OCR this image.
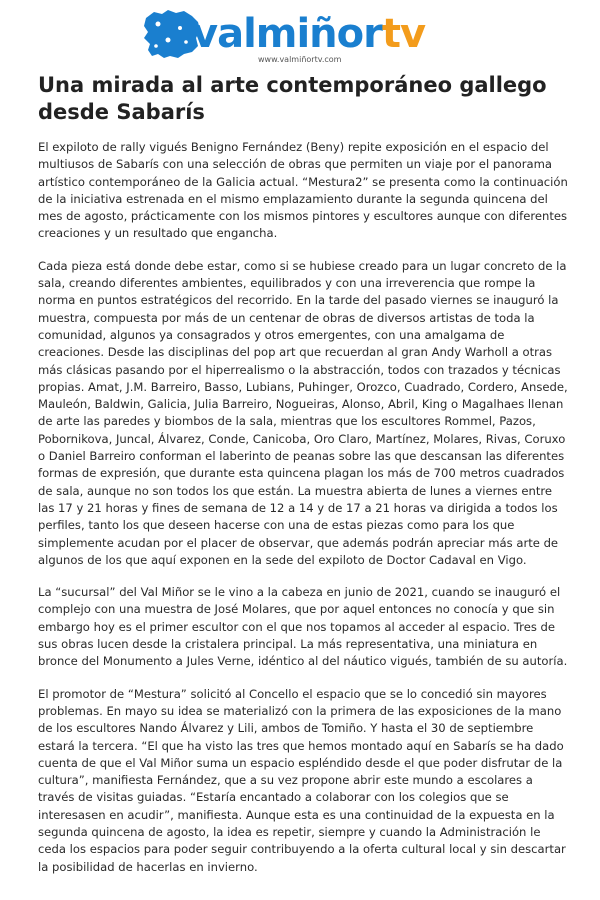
valmiñortv
www.valmiñortv.com
Una mirada al arte contemporáneo gallego desde Sabarís

El expiloto de rally vigués Benigno Fernández (Beny) repite exposición en el espacio del multiusos de Sabarís con una selección de obras que permiten un viaje por el panorama artístico contemporáneo de la Galicia actual. “Mestura2” se presenta como la continuación de la iniciativa estrenada en el mismo emplazamiento durante la segunda quincena del mes de agosto, prácticamente con los mismos pintores y escultores aunque con diferentes creaciones y un resultado que engancha.

Cada pieza está donde debe estar, como si se hubiese creado para un lugar concreto de la sala, creando diferentes ambientes, equilibrados y con una irreverencia que rompe la norma en puntos estratégicos del recorrido. En la tarde del pasado viernes se inauguró la muestra, compuesta por más de un centenar de obras de diversos artistas de toda la comunidad, algunos ya consagrados y otros emergentes, con una amalgama de creaciones. Desde las disciplinas del pop art que recuerdan al gran Andy Warholl a otras más clásicas pasando por el hiperrealismo o la abstracción, todos con trazados y técnicas propias. Amat, J.M. Barreiro, Basso, Lubians, Puhinger, Orozco, Cuadrado, Cordero, Ansede, Mauleón, Baldwin, Galicia, Julia Barreiro, Nogueiras, Alonso, Abril, King o Magalhaes llenan de arte las paredes y biombos de la sala, mientras que los escultores Rommel, Pazos, Pobornikova, Juncal, Álvarez, Conde, Canicoba, Oro Claro, Martínez, Molares, Rivas, Coruxo o Daniel Barreiro conforman el laberinto de peanas sobre las que descansan las diferentes formas de expresión, que durante esta quincena plagan los más de 700 metros cuadrados de sala, aunque no son todos los que están. La muestra abierta de lunes a viernes entre las 17 y 21 horas y fines de semana de 12 a 14 y de 17 a 21 horas va dirigida a todos los perfiles, tanto los que deseen hacerse con una de estas piezas como para los que simplemente acudan por el placer de observar, que además podrán apreciar más arte de algunos de los que aquí exponen en la sede del expiloto de Doctor Cadaval en Vigo.

La “sucursal” del Val Miñor se le vino a la cabeza en junio de 2021, cuando se inauguró el complejo con una muestra de José Molares, que por aquel entonces no conocía y que sin embargo hoy es el primer escultor con el que nos topamos al acceder al espacio. Tres de sus obras lucen desde la cristalera principal. La más representativa, una miniatura en bronce del Monumento a Jules Verne, idéntico al del náutico vigués, también de su autoría.

El promotor de “Mestura” solicitó al Concello el espacio que se lo concedió sin mayores problemas. En mayo su idea se materializó con la primera de las exposiciones de la mano de los escultores Nando Álvarez y Lili, ambos de Tomiño. Y hasta el 30 de septiembre estará la tercera. “El que ha visto las tres que hemos montado aquí en Sabarís se ha dado cuenta de que el Val Miñor suma un espacio espléndido desde el que poder disfrutar de la cultura”, manifiesta Fernández, que a su vez propone abrir este mundo a escolares a través de visitas guiadas. “Estaría encantado a colaborar con los colegios que se interesasen en acudir”, manifiesta. Aunque esta es una continuidad de la expuesta en la segunda quincena de agosto, la idea es repetir, siempre y cuando la Administración le ceda los espacios para poder seguir contribuyendo a la oferta cultural local y sin descartar la posibilidad de hacerlas en invierno.
